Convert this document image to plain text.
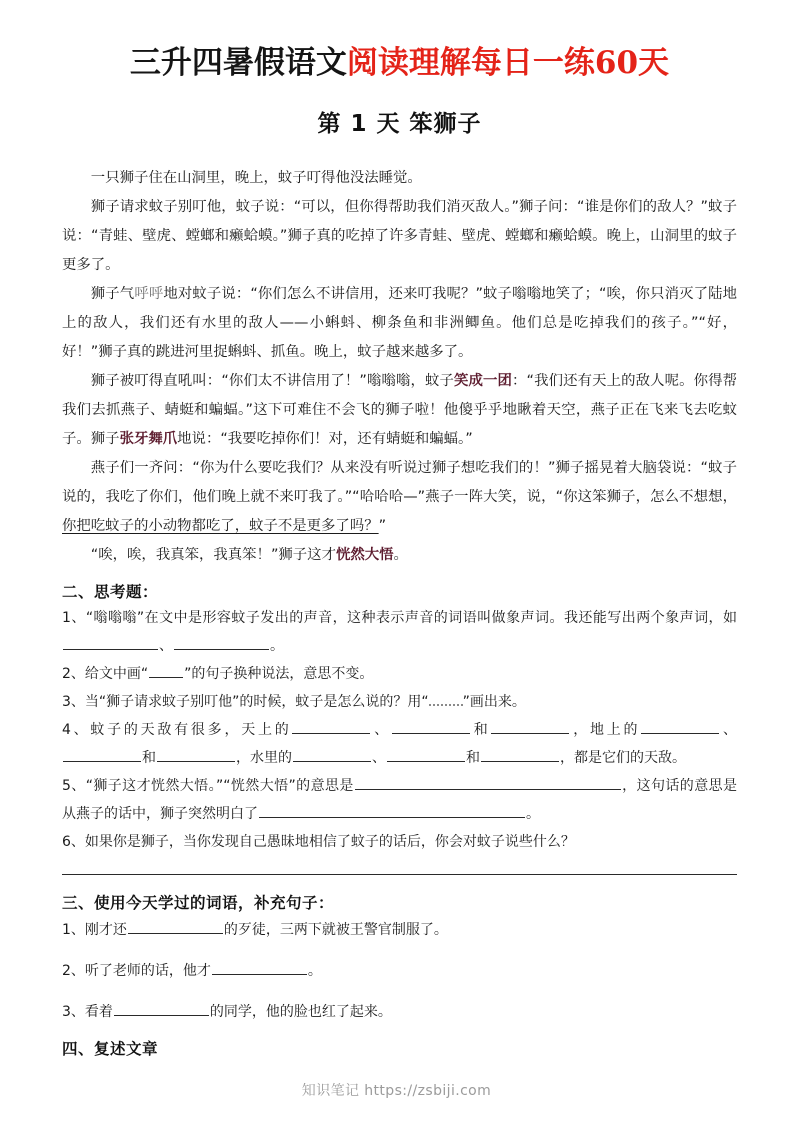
三升四暑假语文阅读理解每日一练60天
第 1 天 笨狮子

一只狮子住在山洞里，晚上，蚊子叮得他没法睡觉。

狮子请求蚊子别叮他，蚊子说：“可以，但你得帮助我们消灭敌人。”狮子问：“谁是你们的敌人？”蚊子说：“青蛙、壁虎、螳螂和癞蛤蟆。”狮子真的吃掉了许多青蛙、壁虎、螳螂和癞蛤蟆。晚上，山洞里的蚊子更多了。

狮子气呼呼地对蚊子说：“你们怎么不讲信用，还来叮我呢？”蚊子嗡嗡地笑了；“唉，你只消灭了陆地上的敌人，我们还有水里的敌人——小蝌蚪、柳条鱼和非洲鲫鱼。他们总是吃掉我们的孩子。”“好，好！”狮子真的跳进河里捉蝌蚪、抓鱼。晚上，蚊子越来越多了。

狮子被叮得直吼叫：“你们太不讲信用了！”嗡嗡嗡，蚊子笑成一团：“我们还有天上的敌人呢。你得帮我们去抓燕子、蜻蜓和蝙蝠。”这下可难住不会飞的狮子啦！他傻乎乎地瞅着天空，燕子正在飞来飞去吃蚊子。狮子张牙舞爪地说：“我要吃掉你们！对，还有蜻蜓和蝙蝠。”

燕子们一齐问：“你为什么要吃我们？从来没有听说过狮子想吃我们的！”狮子摇晃着大脑袋说：“蚊子说的，我吃了你们，他们晚上就不来叮我了。”“哈哈哈—”燕子一阵大笑，说，“你这笨狮子，怎么不想想，你把吃蚊子的小动物都吃了，蚊子不是更多了吗？”

“唉，唉，我真笨，我真笨！”狮子这才恍然大悟。

二、思考题：

1、“嗡嗡嗡”在文中是形容蚊子发出的声音，这种表示声音的词语叫做象声词。我还能写出两个象声词，如、	。

2、给文中画“	”的句子换种说法，意思不变。

3、当“狮子请求蚊子别叮他”的时候，蚊子是怎么说的？用“ ”画出来。

4、蚊子的天敌有很多，天上的	、	和	，地上的	、和	，水里的	、	和	，都是它们的天敌。

5、“狮子这才恍然大悟。”“恍然大悟”的意思是	，这句话的意思是从燕子的话中，狮子突然明白了	。

6、如果你是狮子，当你发现自己愚昧地相信了蚊子的话后，你会对蚊子说些什么？

三、使用今天学过的词语，补充句子：

1、刚才还	的歹徒，三两下就被王警官制服了。

2、听了老师的话，他才	。

3、看着	的同学，他的脸也红了起来。

四、复述文章
知识笔记 https://zsbiji.com
